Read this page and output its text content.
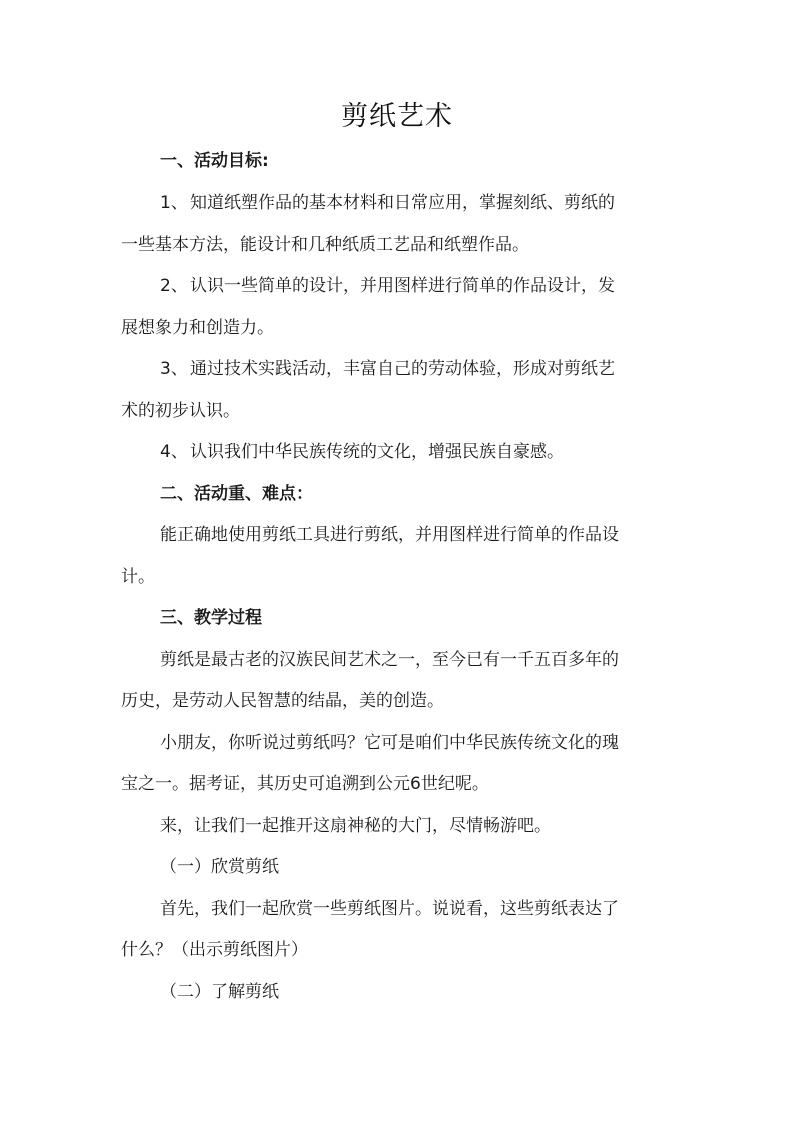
剪纸艺术
一、活动目标:
1、 知道纸塑作品的基本材料和日常应用，掌握刻纸、剪纸的
一些基本方法，能设计和几种纸质工艺品和纸塑作品。
2、 认识一些简单的设计，并用图样进行简单的作品设计，发
展想象力和创造力。
3、 通过技术实践活动，丰富自己的劳动体验，形成对剪纸艺
术的初步认识。
4、 认识我们中华民族传统的文化，增强民族自豪感。
二、活动重、难点：
能正确地使用剪纸工具进行剪纸，并用图样进行简单的作品设
计。
三、教学过程
剪纸是最古老的汉族民间艺术之一，至今已有一千五百多年的
历史，是劳动人民智慧的结晶，美的创造。
小朋友，你听说过剪纸吗？它可是咱们中华民族传统文化的瑰
宝之一。据考证，其历史可追溯到公元6世纪呢。
来，让我们一起推开这扇神秘的大门，尽情畅游吧。
（一）欣赏剪纸
首先，我们一起欣赏一些剪纸图片。说说看，这些剪纸表达了
什么？（出示剪纸图片）
（二）了解剪纸
